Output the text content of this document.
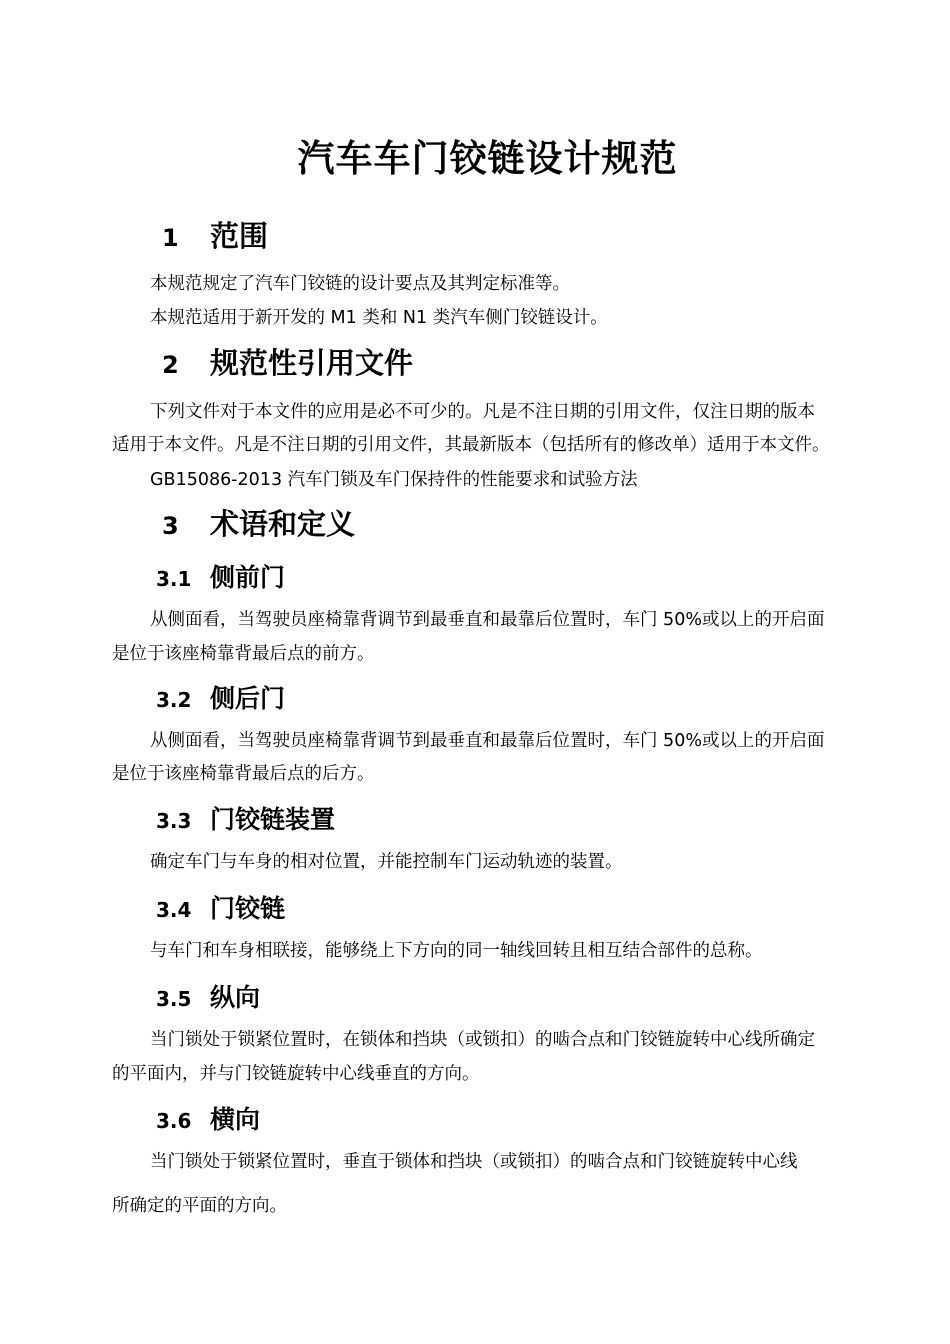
汽车车门铰链设计规范
1 范围
本规范规定了汽车门铰链的设计要点及其判定标准等。
本规范适用于新开发的 M1 类和 N1 类汽车侧门铰链设计。
2 规范性引用文件
下列文件对于本文件的应用是必不可少的。凡是不注日期的引用文件，仅注日期的版本
适用于本文件。凡是不注日期的引用文件，其最新版本（包括所有的修改单）适用于本文件。
GB15086-2013 汽车门锁及车门保持件的性能要求和试验方法
3 术语和定义
3.1 侧前门
从侧面看，当驾驶员座椅靠背调节到最垂直和最靠后位置时，车门 50%或以上的开启面
是位于该座椅靠背最后点的前方。
3.2 侧后门
从侧面看，当驾驶员座椅靠背调节到最垂直和最靠后位置时，车门 50%或以上的开启面
是位于该座椅靠背最后点的后方。
3.3 门铰链装置
确定车门与车身的相对位置，并能控制车门运动轨迹的装置。
3.4 门铰链
与车门和车身相联接，能够绕上下方向的同一轴线回转且相互结合部件的总称。
3.5 纵向
当门锁处于锁紧位置时，在锁体和挡块（或锁扣）的啮合点和门铰链旋转中心线所确定
的平面内，并与门铰链旋转中心线垂直的方向。
3.6 横向
当门锁处于锁紧位置时，垂直于锁体和挡块（或锁扣）的啮合点和门铰链旋转中心线
所确定的平面的方向。
